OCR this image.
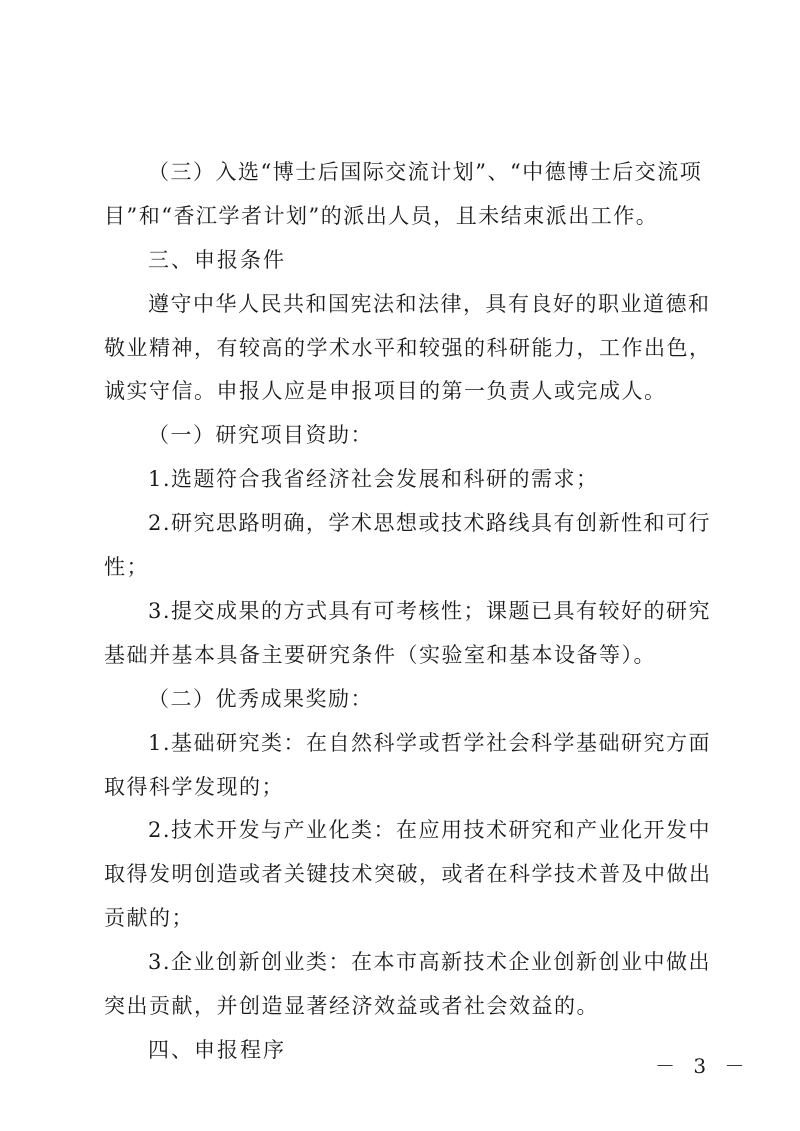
（三）入选“博士后国际交流计划”、“中德博士后交流项
目”和“香江学者计划”的派出人员，且未结束派出工作。
三、申报条件
遵守中华人民共和国宪法和法律，具有良好的职业道德和
敬业精神，有较高的学术水平和较强的科研能力，工作出色，
诚实守信。申报人应是申报项目的第一负责人或完成人。
（一）研究项目资助：
1.选题符合我省经济社会发展和科研的需求；
2.研究思路明确，学术思想或技术路线具有创新性和可行
性；
3.提交成果的方式具有可考核性；课题已具有较好的研究
基础并基本具备主要研究条件（实验室和基本设备等）。
（二）优秀成果奖励：
1.基础研究类：在自然科学或哲学社会科学基础研究方面
取得科学发现的；
2.技术开发与产业化类：在应用技术研究和产业化开发中
取得发明创造或者关键技术突破，或者在科学技术普及中做出
贡献的；
3.企业创新创业类：在本市高新技术企业创新创业中做出
突出贡献，并创造显著经济效益或者社会效益的。
四、申报程序
－ 3 －
